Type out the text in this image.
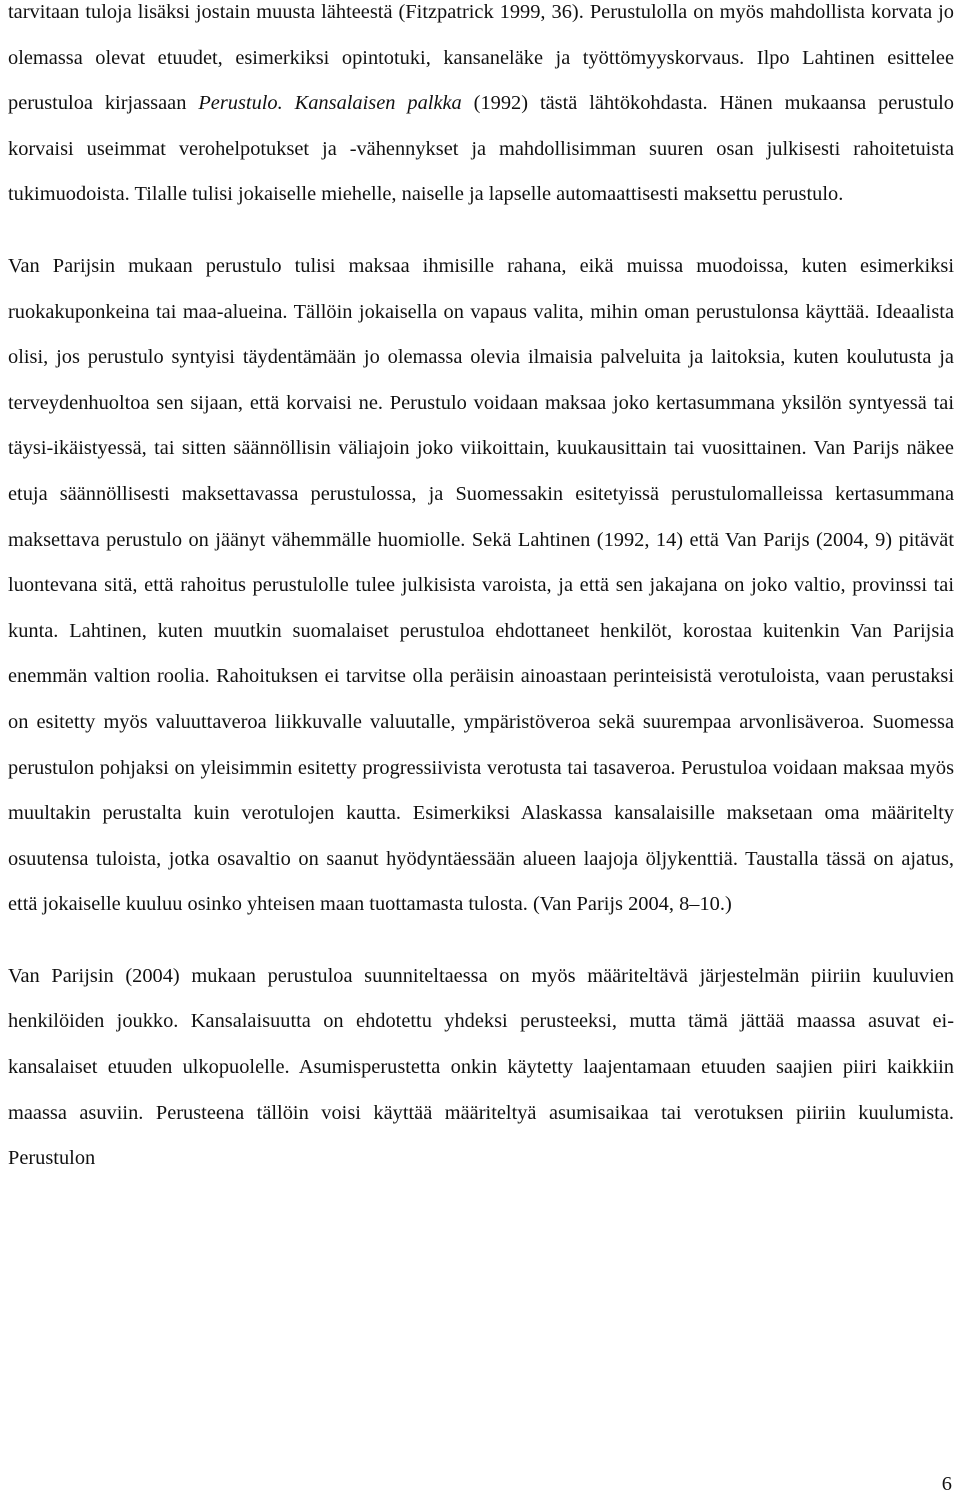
tarvitaan tuloja lisäksi jostain muusta lähteestä (Fitzpatrick 1999, 36). Perustulolla on myös mahdollista korvata jo olemassa olevat etuudet, esimerkiksi opintotuki, kansaneläke ja työttömyyskorvaus. Ilpo Lahtinen esittelee perustuloa kirjassaan Perustulo. Kansalaisen palkka (1992) tästä lähtökohdasta. Hänen mukaansa perustulo korvaisi useimmat verohelpotukset ja -vähennykset ja mahdollisimman suuren osan julkisesti rahoitetuista tukimuodoista. Tilalle tulisi jokaiselle miehelle, naiselle ja lapselle automaattisesti maksettu perustulo.

Van Parijsin mukaan perustulo tulisi maksaa ihmisille rahana, eikä muissa muodoissa, kuten esimerkiksi ruokakuponkeina tai maa-alueina. Tällöin jokaisella on vapaus valita, mihin oman perustulonsa käyttää. Ideaalista olisi, jos perustulo syntyisi täydentämään jo olemassa olevia ilmaisia palveluita ja laitoksia, kuten koulutusta ja terveydenhuoltoa sen sijaan, että korvaisi ne. Perustulo voidaan maksaa joko kertasummana yksilön syntyessä tai täysi-ikäistyessä, tai sitten säännöllisin väliajoin joko viikoittain, kuukausittain tai vuosittainen. Van Parijs näkee etuja säännöllisesti maksettavassa perustulossa, ja Suomessakin esitetyissä perustulomalleissa kertasummana maksettava perustulo on jäänyt vähemmälle huomiolle. Sekä Lahtinen (1992, 14) että Van Parijs (2004, 9) pitävät luontevana sitä, että rahoitus perustulolle tulee julkisista varoista, ja että sen jakajana on joko valtio, provinssi tai kunta. Lahtinen, kuten muutkin suomalaiset perustuloa ehdottaneet henkilöt, korostaa kuitenkin Van Parijsia enemmän valtion roolia. Rahoituksen ei tarvitse olla peräisin ainoastaan perinteisistä verotuloista, vaan perustaksi on esitetty myös valuuttaveroa liikkuvalle valuutalle, ympäristöveroa sekä suurempaa arvonlisäveroa. Suomessa perustulon pohjaksi on yleisimmin esitetty progressiivista verotusta tai tasaveroa. Perustuloa voidaan maksaa myös muultakin perustalta kuin verotulojen kautta. Esimerkiksi Alaskassa kansalaisille maksetaan oma määritelty osuutensa tuloista, jotka osavaltio on saanut hyödyntäessään alueen laajoja öljykenttiä. Taustalla tässä on ajatus, että jokaiselle kuuluu osinko yhteisen maan tuottamasta tulosta. (Van Parijs 2004, 8–10.)

Van Parijsin (2004) mukaan perustuloa suunniteltaessa on myös määriteltävä järjestelmän piiriin kuuluvien henkilöiden joukko. Kansalaisuutta on ehdotettu yhdeksi perusteeksi, mutta tämä jättää maassa asuvat ei-kansalaiset etuuden ulkopuolelle. Asumisperustetta onkin käytetty laajentamaan etuuden saajien piiri kaikkiin maassa asuviin. Perusteena tällöin voisi käyttää määriteltyä asumisaikaa tai verotuksen piiriin kuulumista. Perustulon

6
